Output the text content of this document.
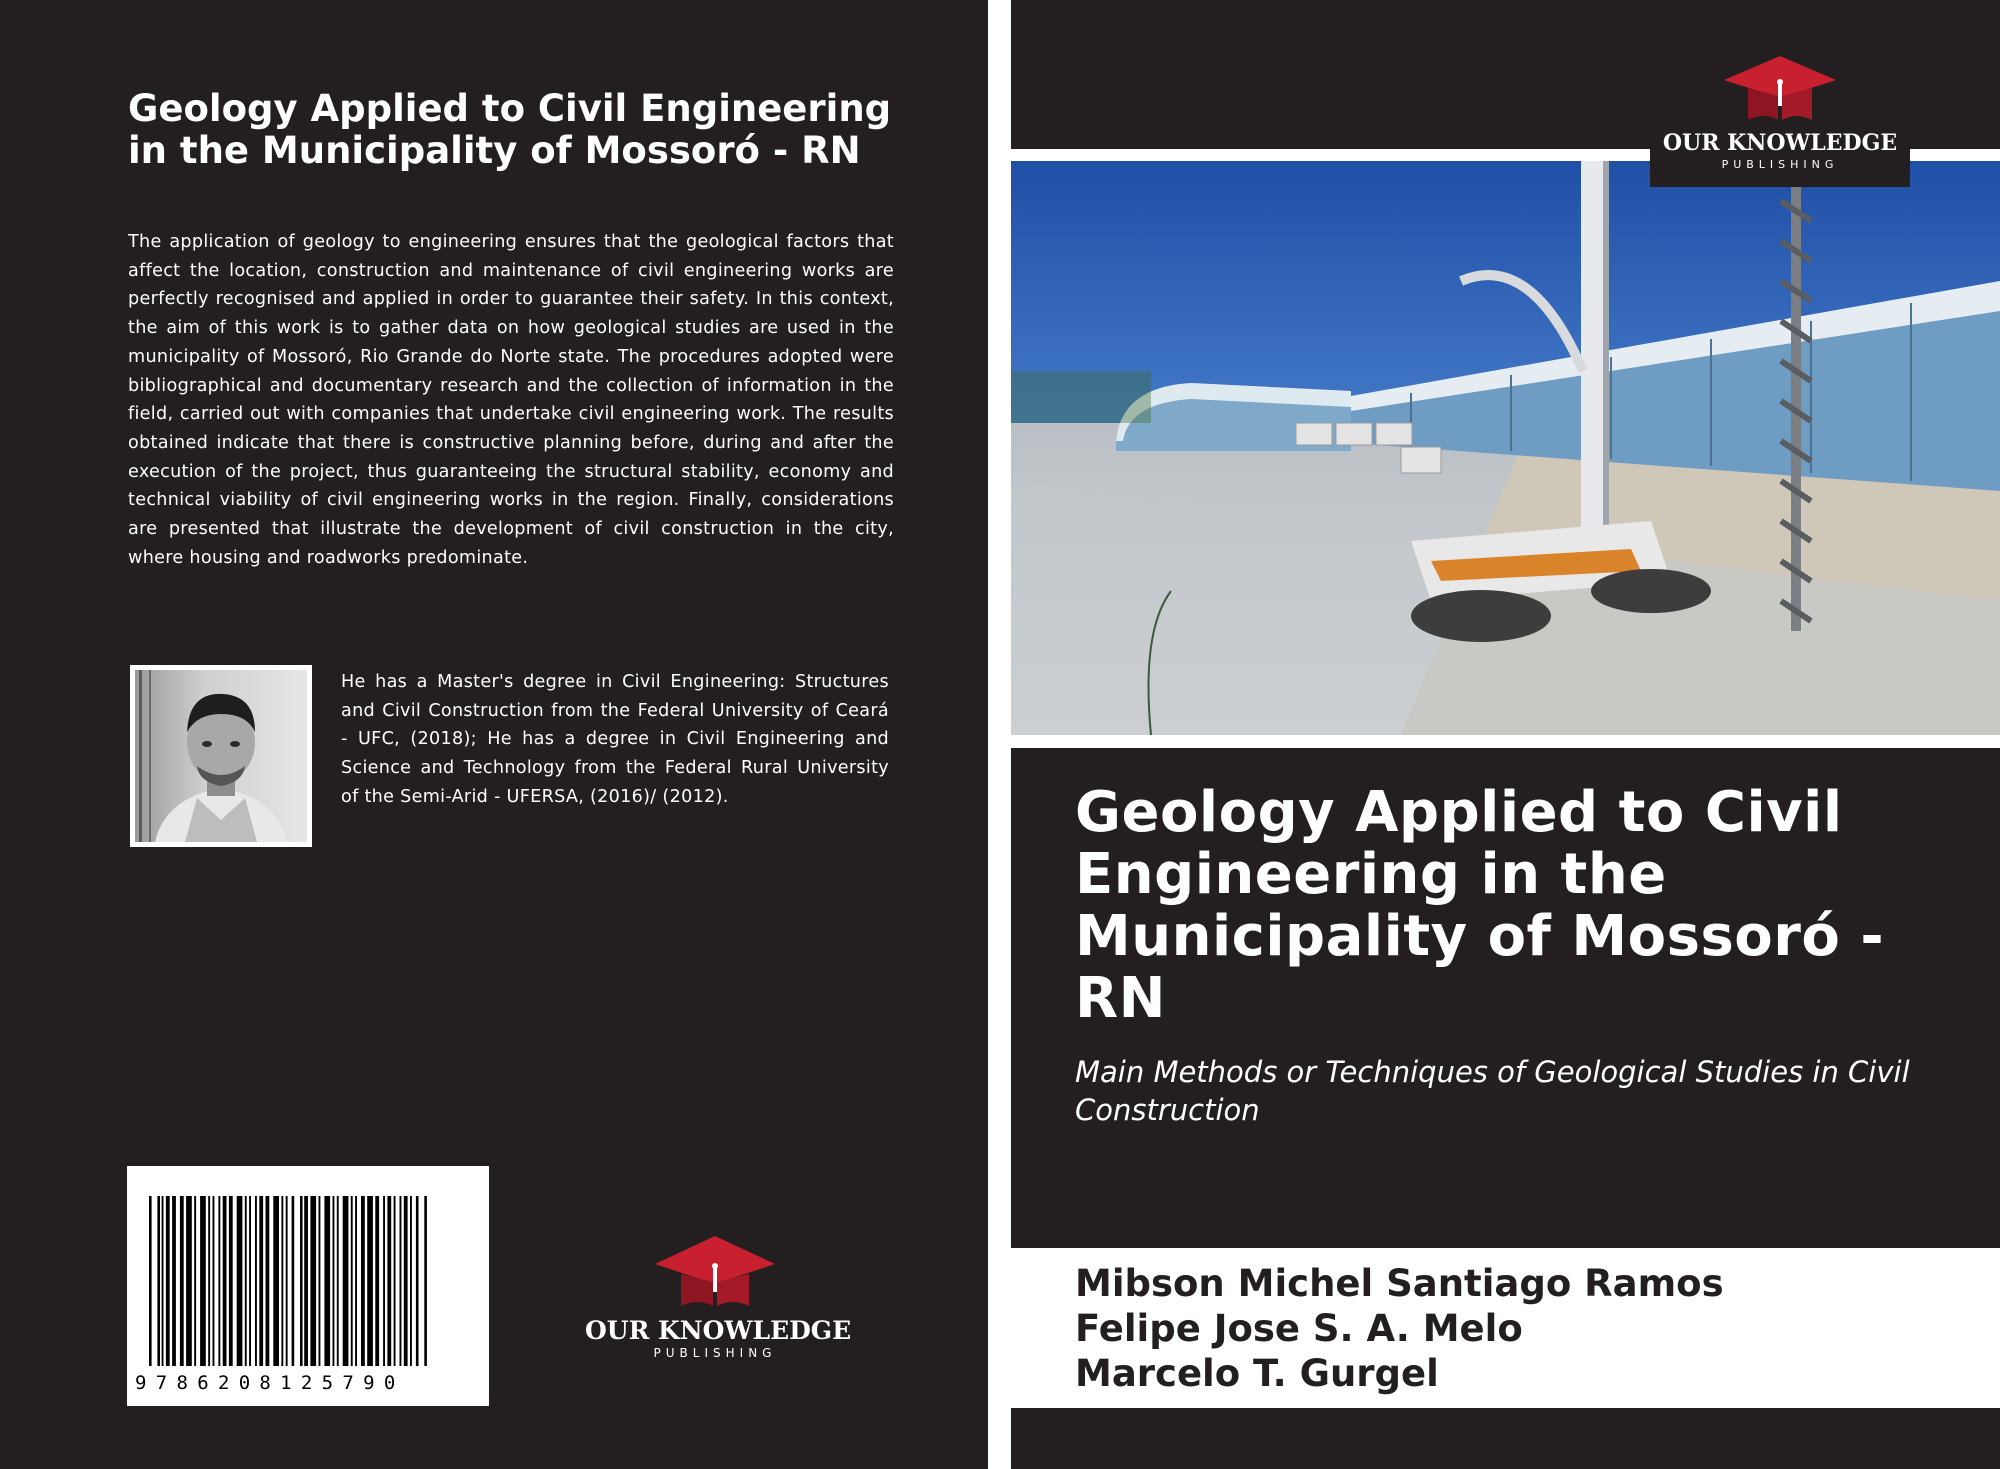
Geology Applied to Civil Engineering in the Municipality of Mossoró - RN

The application of geology to engineering ensures that the geological factors that affect the location, construction and maintenance of civil engineering works are perfectly recognised and applied in order to guarantee their safety. In this context, the aim of this work is to gather data on how geological studies are used in the municipality of Mossoró, Rio Grande do Norte state. The procedures adopted were bibliographical and documentary research and the collection of information in the field, carried out with companies that undertake civil engineering work. The results obtained indicate that there is constructive planning before, during and after the execution of the project, thus guaranteeing the structural stability, economy and technical viability of civil engineering works in the region. Finally, considerations are presented that illustrate the development of civil construction in the city, where housing and roadworks predominate.

He has a Master's degree in Civil Engineering: Structures and Civil Construction from the Federal University of Ceará - UFC, (2018); He has a degree in Civil Engineering and Science and Technology from the Federal Rural University of the Semi-Arid - UFERSA, (2016)/ (2012).

9786208125790
OUR KNOWLEDGE
PUBLISHING
OUR KNOWLEDGE
PUBLISHING
Geology Applied to Civil Engineering in the Municipality of Mossoró - RN

Main Methods or Techniques of Geological Studies in Civil Construction

Mibson Michel Santiago Ramos
Felipe Jose S. A. Melo
Marcelo T. Gurgel
